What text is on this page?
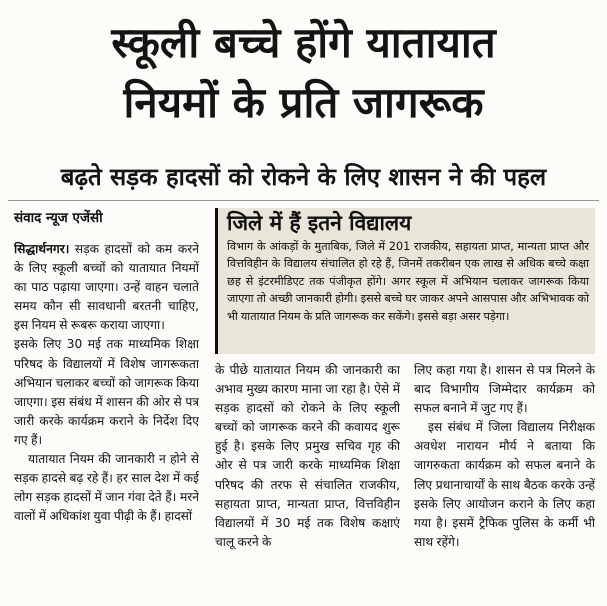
स्कूली बच्चे होंगे यातायात
नियमों के प्रति जागरूक
बढ़ते सड़क हादसों को रोकने के लिए शासन ने की पहल
संवाद न्यूज एजेंसी	जिले में हैं इतने विद्यालय
विभाग के आंकड़ों के मुताबिक, जिले में 201 राजकीय, सहायता प्राप्त, मान्यता प्राप्त और वित्तविहीन के विद्यालय संचालित हो रहे हैं, जिनमें तकरीबन एक लाख से अधिक बच्चे कक्षा छह से इंटरमीडिएट तक पंजीकृत होंगे। अगर स्कूल में अभियान चलाकर जागरूक किया जाएगा तो अच्छी जानकारी होगी। इससे बच्चे घर जाकर अपने आसपास और अभिभावक को भी यातायात नियम के प्रति जागरूक कर सकेंगे। इससे बड़ा असर पड़ेगा।

सिद्धार्थनगर। सड़क हादसों को कम करने के लिए स्कूली बच्चों को यातायात नियमों का पाठ पढ़ाया जाएगा। उन्हें वाहन चलाते समय कौन सी सावधानी बरतनी चाहिए, इस नियम से रूबरू कराया जाएगा।

इसके लिए 30 मई तक माध्यमिक शिक्षा परिषद के विद्यालयों में विशेष जागरूकता अभियान चलाकर बच्चों को जागरूक किया जाएगा। इस संबंध में शासन की ओर से पत्र जारी करके कार्यक्रम कराने के निर्देश दिए गए हैं।

यातायात नियम की जानकारी न होने से सड़क हादसे बढ़ रहे हैं। हर साल देश में कई लोग सड़क हादसों में जान गंवा देते हैं। मरने वालों में अधिकांश युवा पीढ़ी के हैं। हादसों

के पीछे यातायात नियम की जानकारी का अभाव मुख्य कारण माना जा रहा है। ऐसे में सड़क हादसों को रोकने के लिए स्कूली बच्चों को जागरूक करने की कवायद शुरू हुई है। इसके लिए प्रमुख सचिव गृह की ओर से पत्र जारी करके माध्यमिक शिक्षा परिषद की तरफ से संचालित राजकीय, सहायता प्राप्त, मान्यता प्राप्त, वित्तविहीन विद्यालयों में 30 मई तक विशेष कक्षाएं चालू करने के

लिए कहा गया है। शासन से पत्र मिलने के बाद विभागीय जिम्मेदार कार्यक्रम को सफल बनाने में जुट गए हैं।

इस संबंध में जिला विद्यालय निरीक्षक अवधेश नारायन मौर्य ने बताया कि जागरुकता कार्यक्रम को सफल बनाने के लिए प्रधानाचार्यों के साथ बैठक करके उन्हें इसके लिए आयोजन कराने के लिए कहा गया है। इसमें ट्रैफिक पुलिस के कर्मी भी साथ रहेंगे।
